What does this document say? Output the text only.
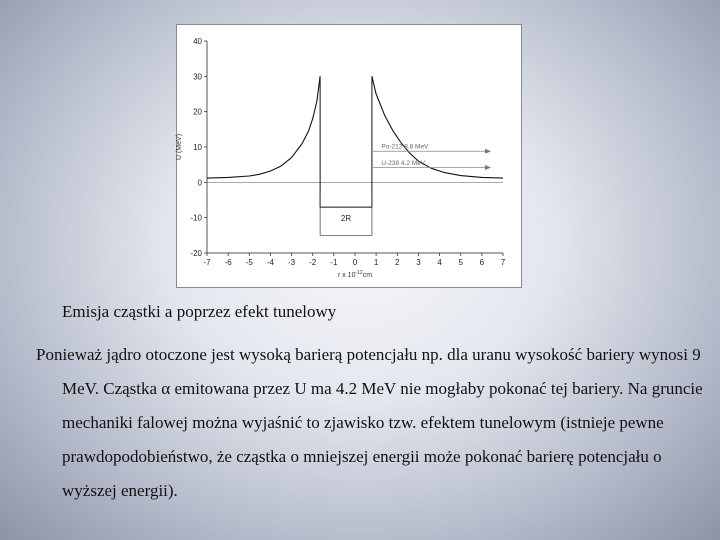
-20
-10
0
10
20
30
40
-7 -6 -5 -4 -3 -2 -1 0 1 2 3 4 5 6 7
U (MeV)
r x $10^{-12}cm$
2R
Po-212 8.8 MeV
U-238 4.2 MeV
Emisja cząstki a poprzez efekt tunelowy

Ponieważ jądro otoczone jest wysoką barierą potencjału np. dla uranu wysokość bariery wynosi 9 MeV. Cząstka α emitowana przez U ma 4.2 MeV nie mogłaby pokonać tej bariery. Na gruncie mechaniki falowej można wyjaśnić to zjawisko tzw. efektem tunelowym (istnieje pewne prawdopodobieństwo, że cząstka o mniejszej energii może pokonać barierę potencjału o wyższej energii).
